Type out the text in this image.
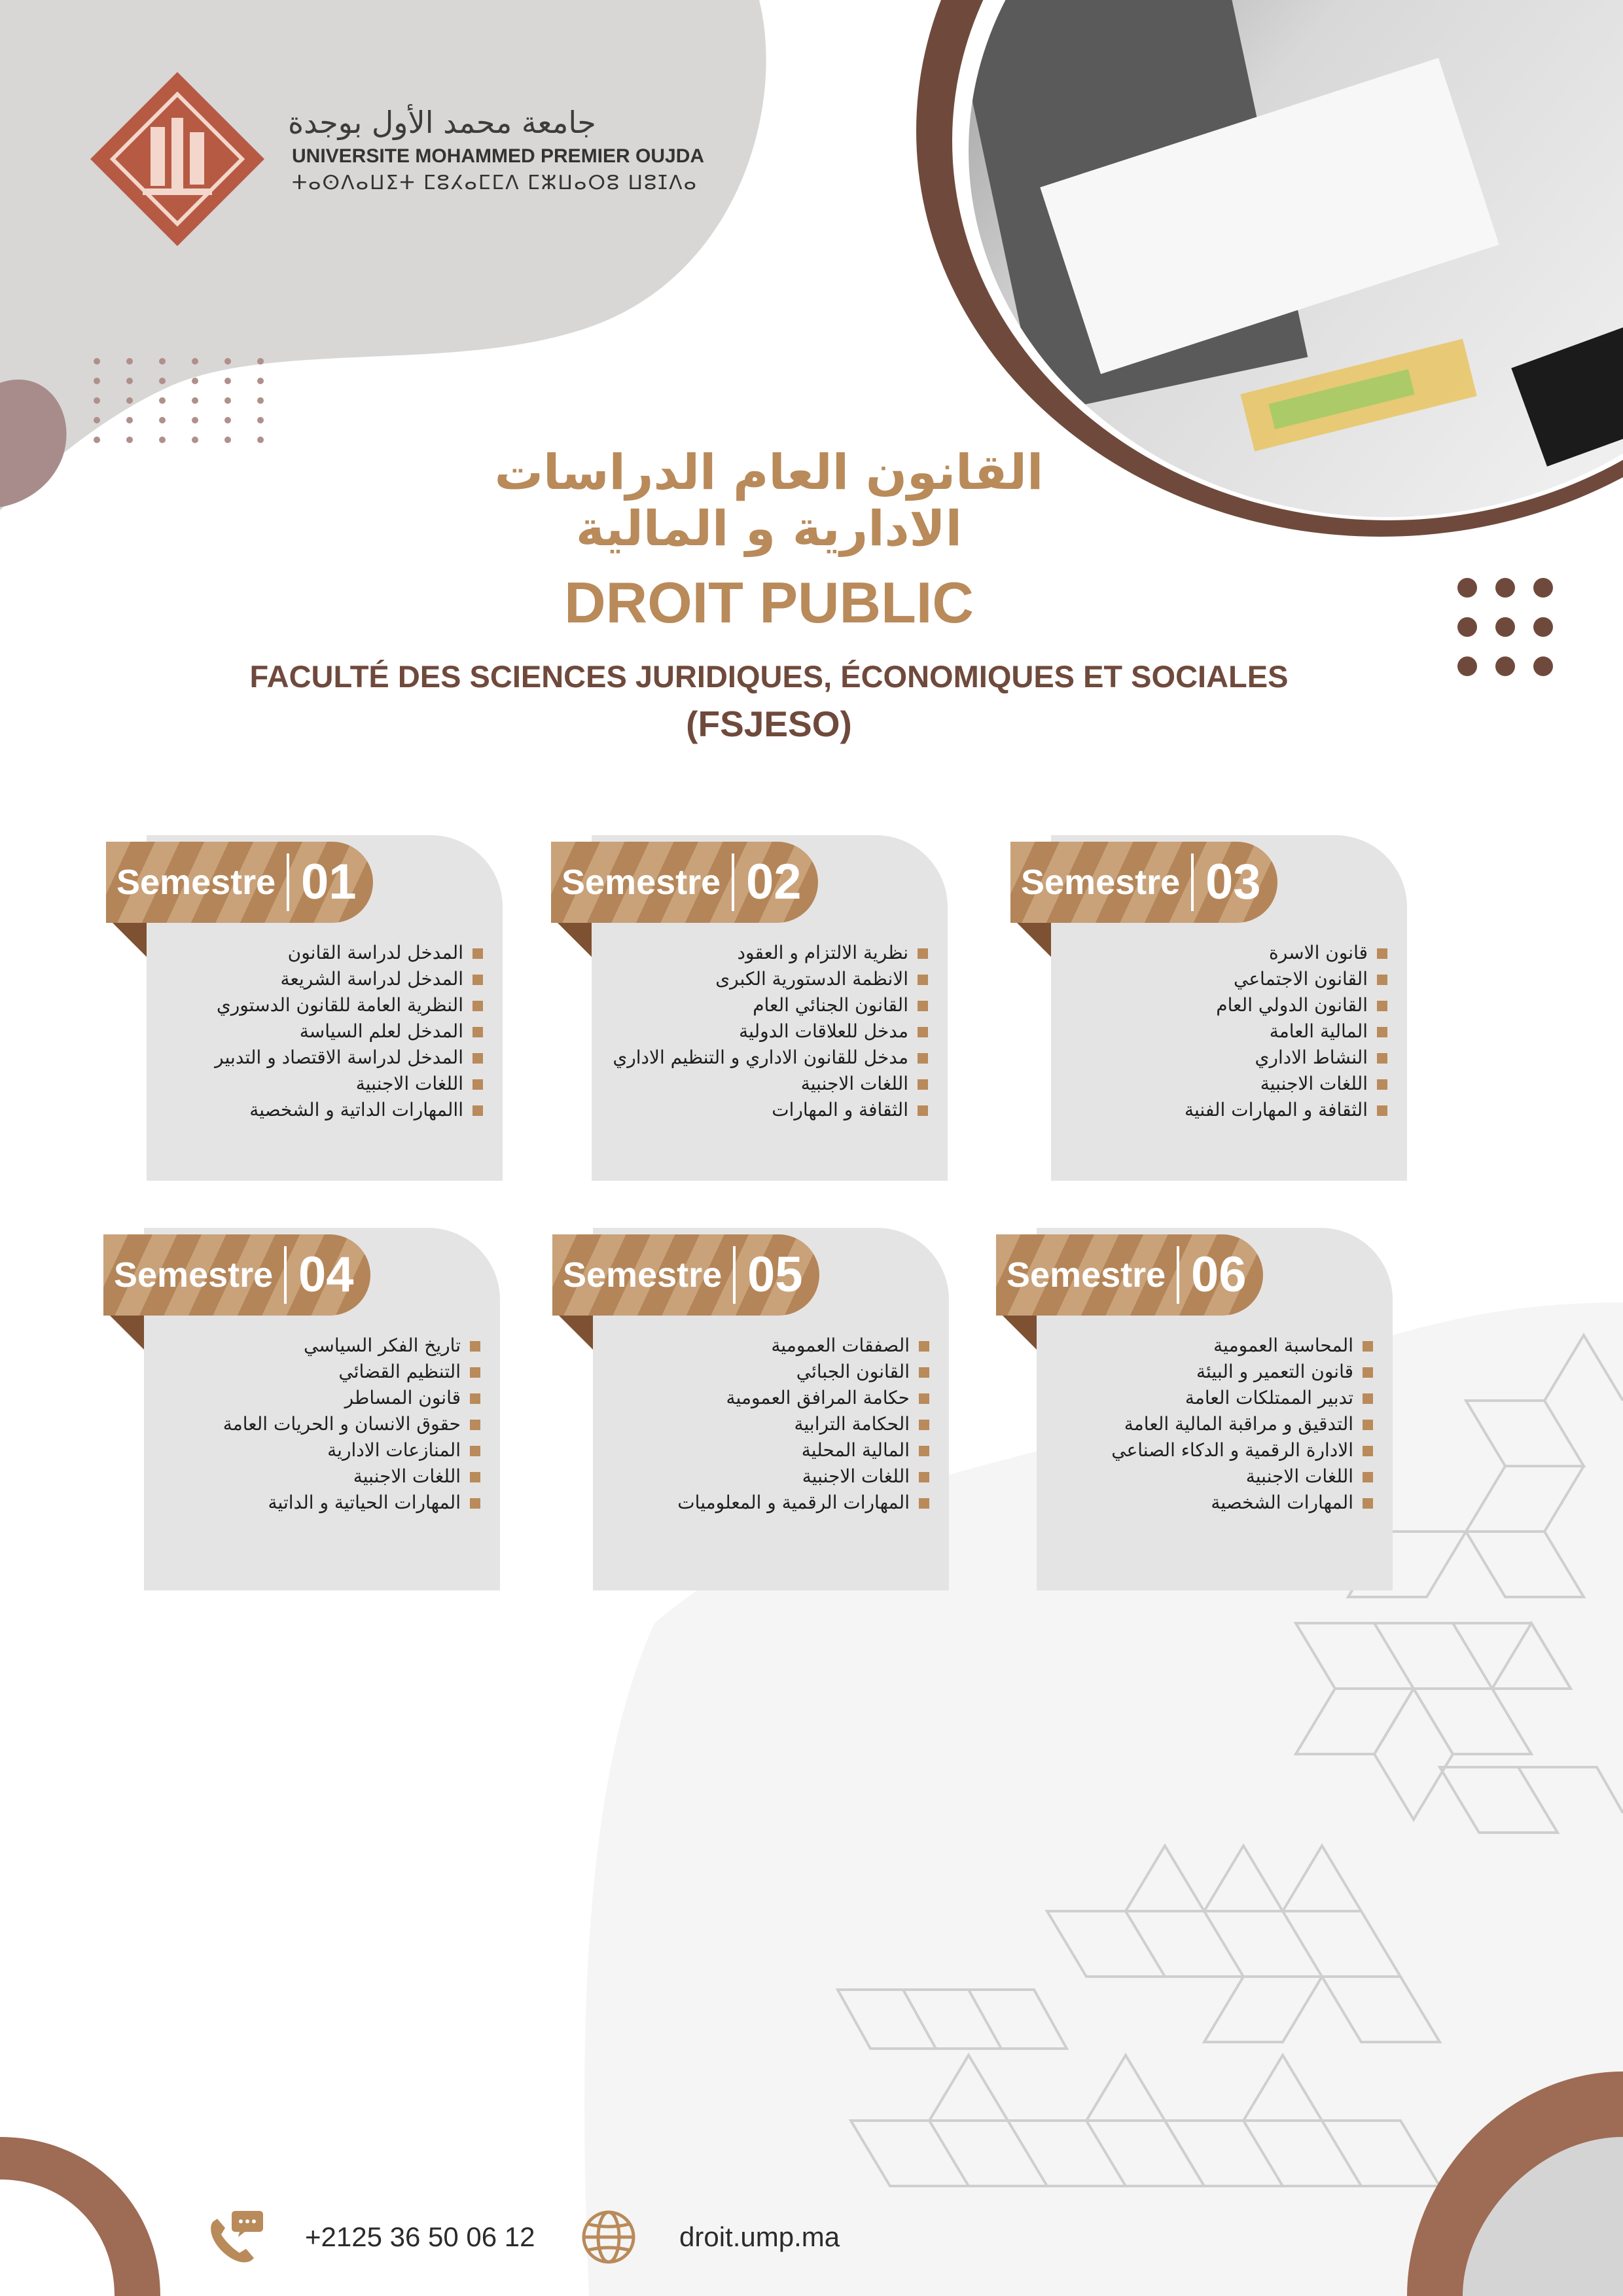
جامعة محمد الأول بوجدة
UNIVERSITE MOHAMMED PREMIER OUJDA
ⵜⴰⵙⴷⴰⵡⵉⵜ ⵎⵓⵃⴰⵎⵎⴷ ⵎⵣⵡⴰⵔⵓ ⵡⵓⵊⴷⴰ
القانون العام الدراسات
الادارية و المالية
DROIT PUBLIC
FACULTÉ DES SCIENCES JURIDIQUES, ÉCONOMIQUES ET SOCIALES
(FSJESO)
Semestre 01
المدخل لدراسة القانون
المدخل لدراسة الشريعة
النظرية العامة للقانون الدستوري
المدخل لعلم السياسة
المدخل لدراسة الاقتصاد و التدبير
اللغات الاجنبية
االمهارات الداتية و الشخصية
Semestre 02
نظرية الالتزام و العقود
الانظمة الدستورية الكبرى
القانون الجنائي العام
مدخل للعلاقات الدولية
مدخل للقانون الاداري و التنظيم الاداري
اللغات الاجنبية
الثقافة و المهارات
Semestre 03
قانون الاسرة
القانون الاجتماعي
القانون الدولي العام
المالية العامة
النشاط الاداري
اللغات الاجنبية
الثقافة و المهارات الفنية
Semestre 04
تاريخ الفكر السياسي
التنظيم القضائي
قانون المساطر
حقوق الانسان و الحريات العامة
المنازعات الادارية
اللغات الاجنبية
المهارات الحياتية و الداتية
Semestre 05
الصفقات العمومية
القانون الجبائي
حكامة المرافق العمومية
الحكامة الترابية
المالية المحلية
اللغات الاجنبية
المهارات الرقمية و المعلوميات
Semestre 06
المحاسبة العمومية
قانون التعمير و البيئة
تدبير الممتلكات العامة
التدقيق و مراقبة المالية العامة
الادارة الرقمية و الدكاء الصناعي
اللغات الاجنبية
المهارات الشخصية
+2125 36 50 06 12	droit.ump.ma
